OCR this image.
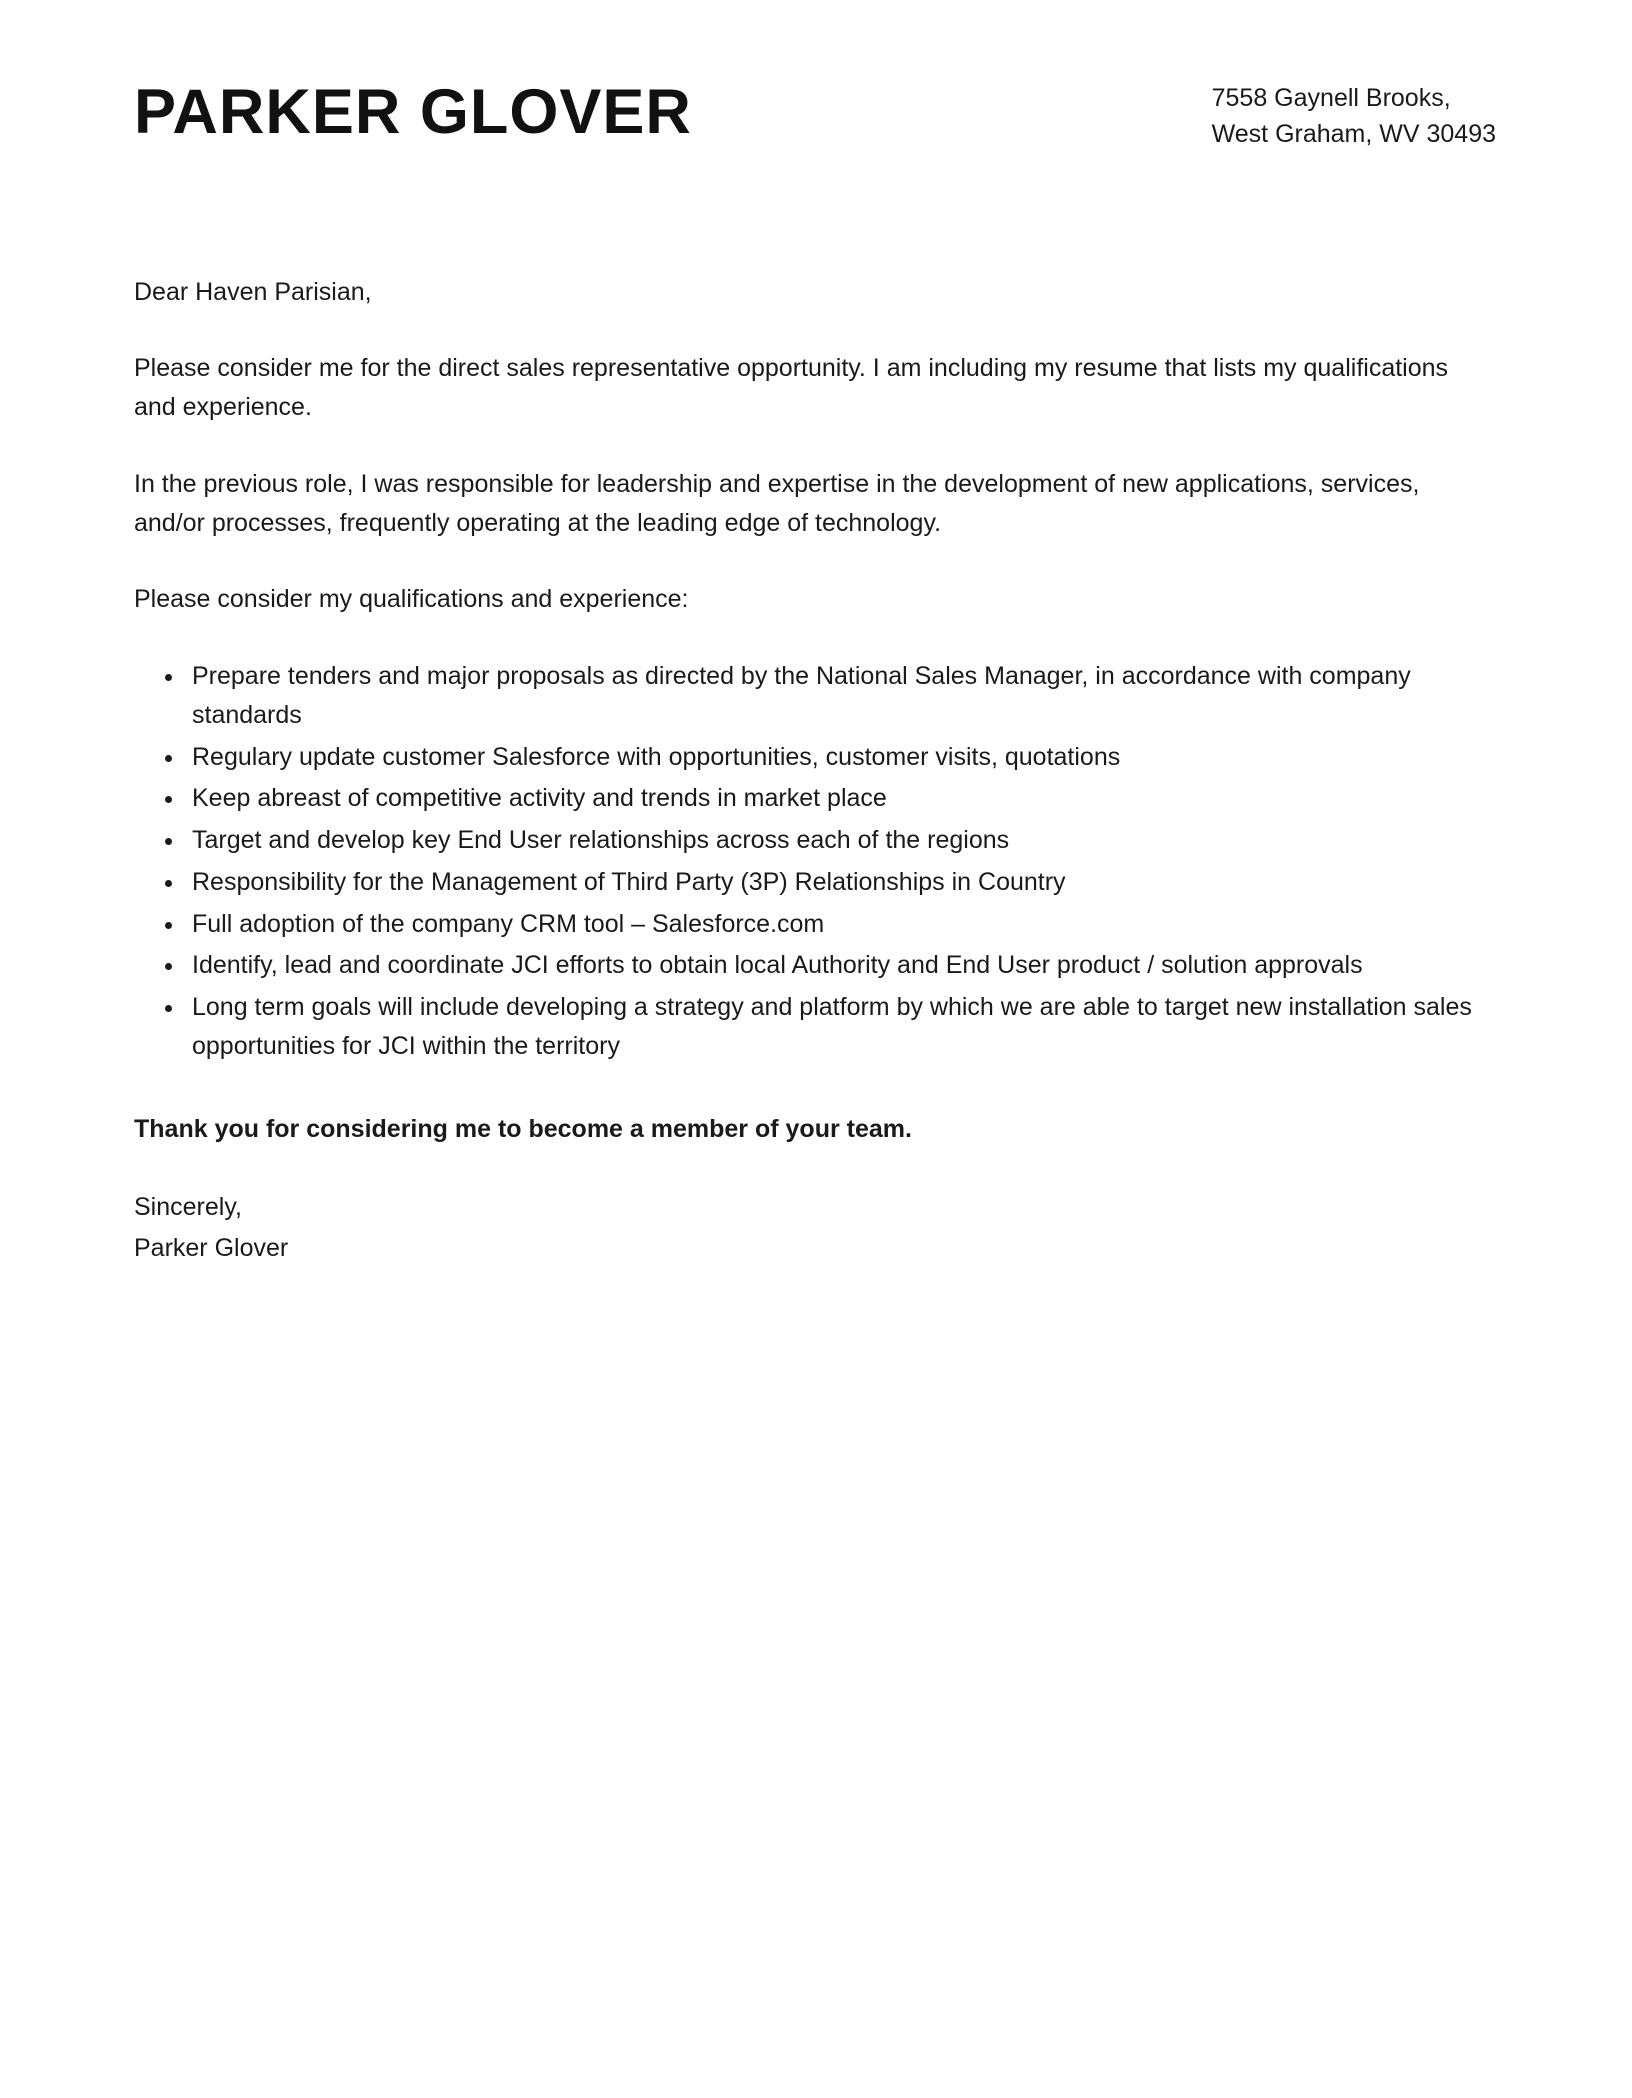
PARKER GLOVER	7558 Gaynell Brooks,
West Graham, WV 30493
Dear Haven Parisian,

Please consider me for the direct sales representative opportunity. I am including my resume that lists my qualifications and experience.

In the previous role, I was responsible for leadership and expertise in the development of new applications, services, and/or processes, frequently operating at the leading edge of technology.

Please consider my qualifications and experience:

• Prepare tenders and major proposals as directed by the National Sales Manager, in accordance with company standards
• Regulary update customer Salesforce with opportunities, customer visits, quotations
• Keep abreast of competitive activity and trends in market place
• Target and develop key End User relationships across each of the regions
• Responsibility for the Management of Third Party (3P) Relationships in Country
• Full adoption of the company CRM tool – Salesforce.com
• Identify, lead and coordinate JCI efforts to obtain local Authority and End User product / solution approvals
• Long term goals will include developing a strategy and platform by which we are able to target new installation sales opportunities for JCI within the territory

Thank you for considering me to become a member of your team.

Sincerely,

Parker Glover
